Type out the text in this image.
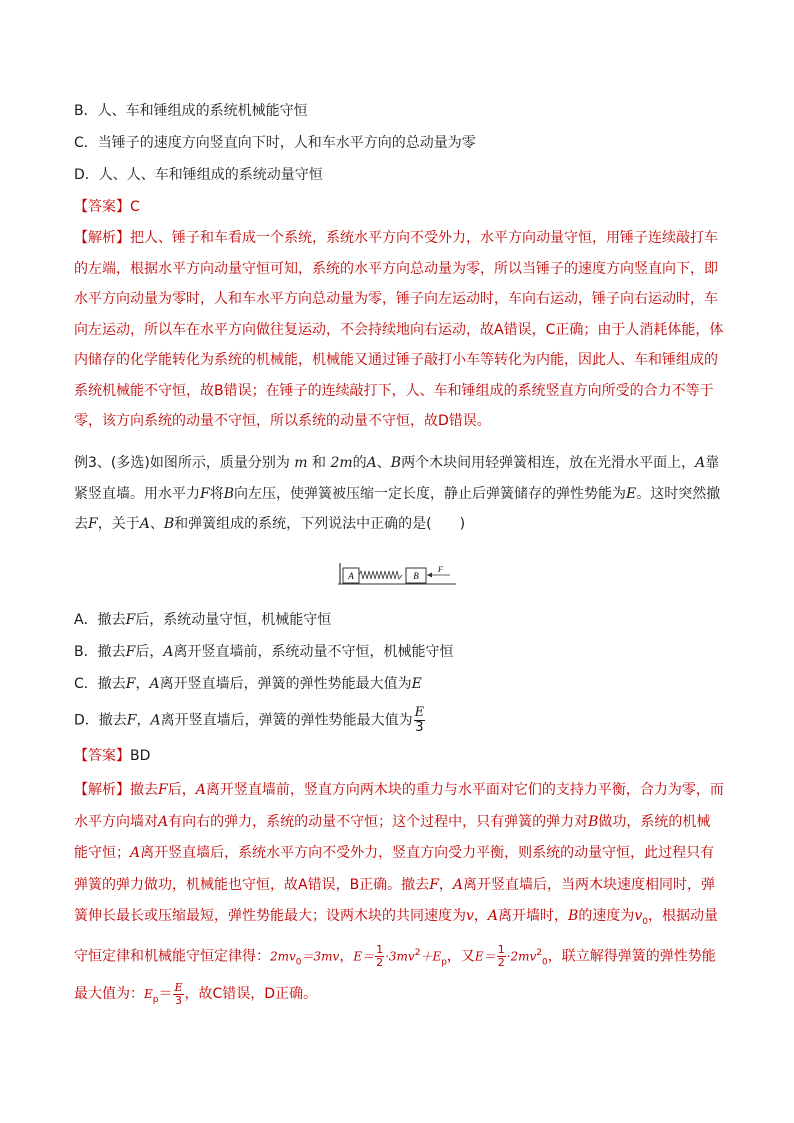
B．人、车和锤组成的系统机械能守恒
C．当锤子的速度方向竖直向下时，人和车水平方向的总动量为零
D．人、人、车和锤组成的系统动量守恒
【答案】C
【解析】把人、锤子和车看成一个系统，系统水平方向不受外力，水平方向动量守恒，用锤子连续敲打车的左端，根据水平方向动量守恒可知，系统的水平方向总动量为零，所以当锤子的速度方向竖直向下，即水平方向动量为零时，人和车水平方向总动量为零，锤子向左运动时，车向右运动，锤子向右运动时，车向左运动，所以车在水平方向做往复运动，不会持续地向右运动，故A错误，C正确；由于人消耗体能，体内储存的化学能转化为系统的机械能，机械能又通过锤子敲打小车等转化为内能，因此人、车和锤组成的系统机械能不守恒，故B错误；在锤子的连续敲打下，人、车和锤组成的系统竖直方向所受的合力不等于零，该方向系统的动量不守恒，所以系统的动量不守恒，故D错误。
例3、(多选)如图所示，质量分别为 m 和 2m的A、B两个木块间用轻弹簧相连，放在光滑水平面上，A靠紧竖直墙。用水平力F将B向左压，使弹簧被压缩一定长度，静止后弹簧储存的弹性势能为E。这时突然撤去F，关于A、B和弹簧组成的系统，下列说法中正确的是(　　)
A	B
F
A．撤去F后，系统动量守恒，机械能守恒
B．撤去F后，A离开竖直墙前，系统动量不守恒，机械能守恒
C．撤去F，A离开竖直墙后，弹簧的弹性势能最大值为E
D．撤去F，A离开竖直墙后，弹簧的弹性势能最大值为 $\frac{E}{3}$
【答案】BD
【解析】撤去F后，A离开竖直墙前，竖直方向两木块的重力与水平面对它们的支持力平衡，合力为零，而水平方向墙对A有向右的弹力，系统的动量不守恒；这个过程中，只有弹簧的弹力对B做功，系统的机械能守恒；A离开竖直墙后，系统水平方向不受外力，竖直方向受力平衡，则系统的动量守恒，此过程只有弹簧的弹力做功，机械能也守恒，故A错误，B正确。撤去F，A离开竖直墙后，当两木块速度相同时，弹簧伸长最长或压缩最短，弹性势能最大；设两木块的共同速度为v，A离开墙时，B的速度为$v_0$，根据动量守恒定律和机械能守恒定律得：$2mv_0=3mv$，$E= \frac{1}{2} \cdot 3mv^2+E_p$，又$E= \frac{1}{2} \cdot 2mv^2_0$，联立解得弹簧的弹性势能最大值为：$E_p= \frac{E}{3}$ ，故C错误，D正确。
